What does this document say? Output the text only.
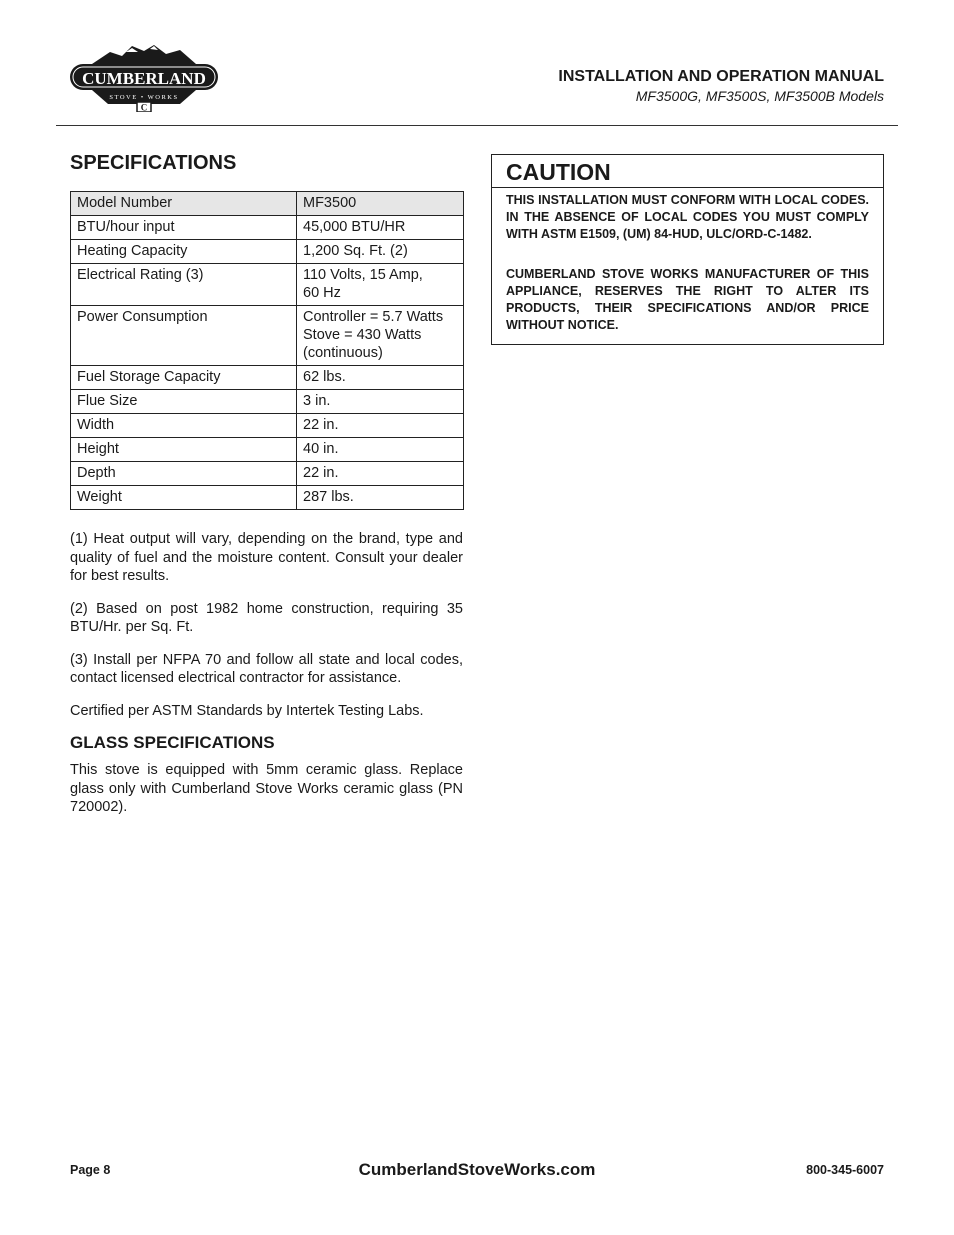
CUMBERLAND
STOVE • WORKS
C
INSTALLATION AND OPERATION MANUAL
MF3500G, MF3500S, MF3500B Models
SPECIFICATIONS
Model Number	MF3500
BTU/hour input	45,000 BTU/HR
Heating Capacity	1,200 Sq. Ft. (2)
Electrical Rating (3)	110 Volts, 15 Amp,
60 Hz
Power Consumption	Controller = 5.7 Watts
Stove = 430 Watts
(continuous)
Fuel Storage Capacity	62 lbs.
Flue Size	3 in.
Width	22 in.
Height	40 in.
Depth	22 in.
Weight	287 lbs.

(1) Heat output will vary, depending on the brand, type and quality of fuel and the moisture content. Consult your dealer for best results.

(2) Based on post 1982 home construction, requiring 35 BTU/Hr. per Sq. Ft.

(3) Install per NFPA 70 and follow all state and local codes, contact licensed electrical contractor for assistance.

Certified per ASTM Standards by Intertek Testing Labs.

GLASS SPECIFICATIONS

This stove is equipped with 5mm ceramic glass. Replace glass only with Cumberland Stove Works ceramic glass (PN 720002).

CAUTION

THIS INSTALLATION MUST CONFORM WITH LOCAL CODES. IN THE ABSENCE OF LOCAL CODES YOU MUST COMPLY WITH ASTM E1509, (UM) 84-HUD, ULC/ORD-C-1482.

CUMBERLAND STOVE WORKS MANUFACTURER OF THIS APPLIANCE, RESERVES THE RIGHT TO ALTER ITS PRODUCTS, THEIR SPECIFICATIONS AND/OR PRICE WITHOUT NOTICE.

Page 8	CumberlandStoveWorks.com	800-345-6007
